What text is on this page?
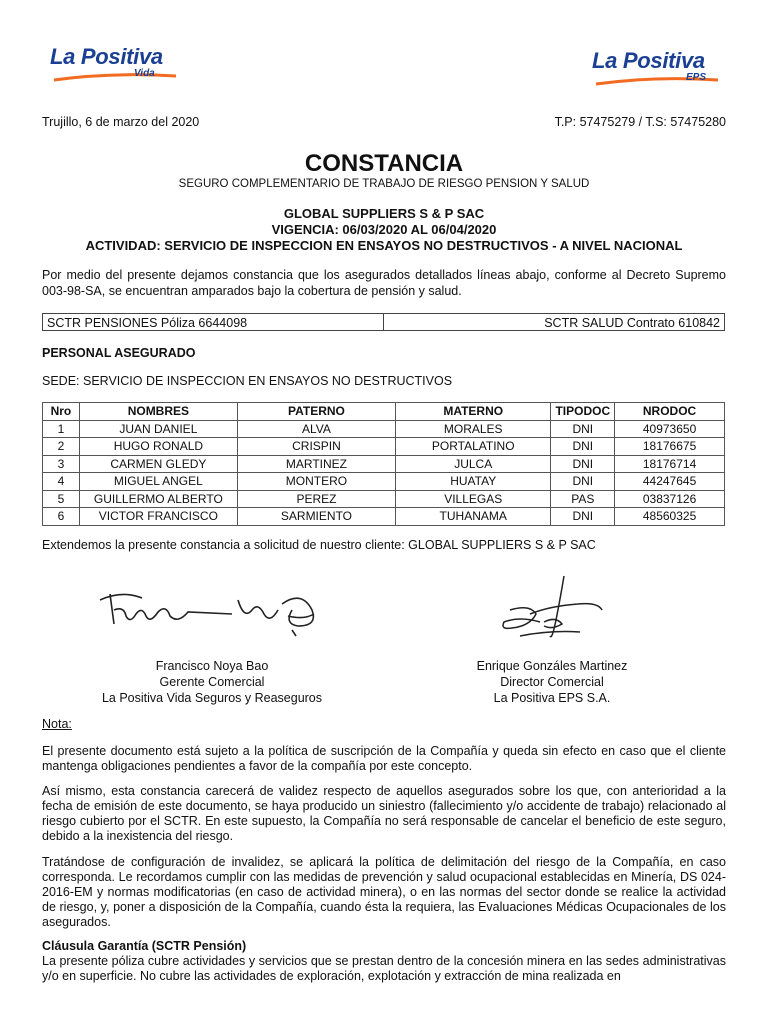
La Positiva
Vida
La Positiva
EPS
Trujillo, 6 de marzo del 2020	T.P: 57475279 / T.S: 57475280
CONSTANCIA
SEGURO COMPLEMENTARIO DE TRABAJO DE RIESGO PENSION Y SALUD
GLOBAL SUPPLIERS S & P SAC
VIGENCIA: 06/03/2020 AL 06/04/2020
ACTIVIDAD: SERVICIO DE INSPECCION EN ENSAYOS NO DESTRUCTIVOS - A NIVEL NACIONAL
Por medio del presente dejamos constancia que los asegurados detallados líneas abajo, conforme al Decreto Supremo 003-98-SA, se encuentran amparados bajo la cobertura de pensión y salud.
SCTR PENSIONES Póliza 6644098	SCTR SALUD Contrato 610842
PERSONAL ASEGURADO
SEDE: SERVICIO DE INSPECCION EN ENSAYOS NO DESTRUCTIVOS
Nro	NOMBRES	PATERNO	MATERNO	TIPODOC	NRODOC
1	JUAN DANIEL	ALVA	MORALES	DNI	40973650
2	HUGO RONALD	CRISPIN	PORTALATINO	DNI	18176675
3	CARMEN GLEDY	MARTINEZ	JULCA	DNI	18176714
4	MIGUEL ANGEL	MONTERO	HUATAY	DNI	44247645
5	GUILLERMO ALBERTO	PEREZ	VILLEGAS	PAS	03837126
6	VICTOR FRANCISCO	SARMIENTO	TUHANAMA	DNI	48560325
Extendemos la presente constancia a solicitud de nuestro cliente: GLOBAL SUPPLIERS S & P SAC
Francisco Noya Bao
Gerente Comercial
La Positiva Vida Seguros y Reaseguros
Enrique Gonzáles Martinez
Director Comercial
La Positiva EPS S.A.
Nota:
El presente documento está sujeto a la política de suscripción de la Compañía y queda sin efecto en caso que el cliente mantenga obligaciones pendientes a favor de la compañía por este concepto.
Así mismo, esta constancia carecerá de validez respecto de aquellos asegurados sobre los que, con anterioridad a la fecha de emisión de este documento, se haya producido un siniestro (fallecimiento y/o accidente de trabajo) relacionado al riesgo cubierto por el SCTR. En este supuesto, la Compañía no será responsable de cancelar el beneficio de este seguro, debido a la inexistencia del riesgo.
Tratándose de configuración de invalidez, se aplicará la política de delimitación del riesgo de la Compañía, en caso corresponda. Le recordamos cumplir con las medidas de prevención y salud ocupacional establecidas en Minería, DS 024-2016-EM y normas modificatorias (en caso de actividad minera), o en las normas del sector donde se realice la actividad de riesgo, y, poner a disposición de la Compañía, cuando ésta la requiera, las Evaluaciones Médicas Ocupacionales de los asegurados.
Cláusula Garantía (SCTR Pensión)
La presente póliza cubre actividades y servicios que se prestan dentro de la concesión minera en las sedes administrativas y/o en superficie. No cubre las actividades de exploración, explotación y extracción de mina realizada en
